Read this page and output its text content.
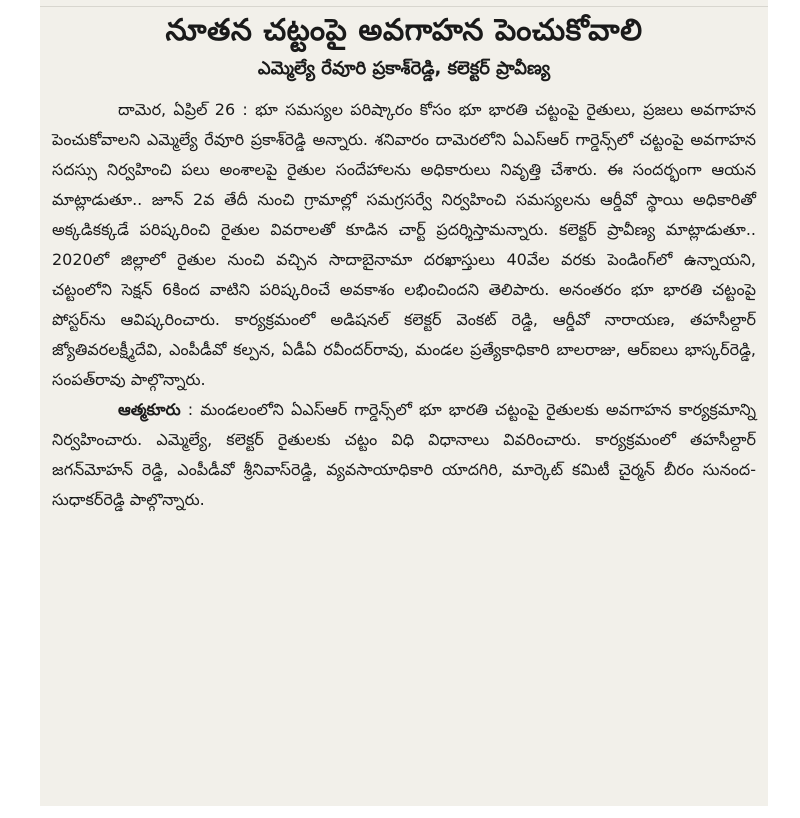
నూతన చట్టంపై అవగాహన పెంచుకోవాలి
ఎమ్మెల్యే రేవూరి ప్రకాశ్‌రెడ్డి, కలెక్టర్ ప్రావీణ్య

దామెర, ఏప్రిల్ 26 : భూ సమస్యల పరిష్కారం కోసం భూ భారతి చట్టంపై రైతులు, ప్రజలు అవగాహన పెంచుకోవాలని ఎమ్మెల్యే రేవూరి ప్రకాశ్‌రెడ్డి అన్నారు. శనివారం దామెరలోని ఏఎస్‌ఆర్ గార్డెన్స్‌లో చట్టంపై అవగాహన సదస్సు నిర్వహించి పలు అంశాలపై రైతుల సందేహాలను అధికారులు నివృత్తి చేశారు. ఈ సందర్భంగా ఆయన మాట్లాడుతూ.. జూన్ 2వ తేదీ నుంచి గ్రామాల్లో సమగ్రసర్వే నిర్వహించి సమస్యలను ఆర్డీవో స్థాయి అధికారితో అక్కడికక్కడే పరిష్కరించి రైతుల వివరాలతో కూడిన చార్ట్ ప్రదర్శిస్తామన్నారు. కలెక్టర్ ప్రావీణ్య మాట్లాడుతూ.. 2020లో జిల్లాలో రైతుల నుంచి వచ్చిన సాదాబైనామా దరఖాస్తులు 40వేల వరకు పెండింగ్‌లో ఉన్నాయని, చట్టంలోని సెక్షన్ 6కింద వాటిని పరిష్కరించే అవకాశం లభించిందని తెలిపారు. అనంతరం భూ భారతి చట్టంపై పోస్టర్‌ను ఆవిష్కరించారు. కార్యక్రమంలో అడిషనల్ కలెక్టర్ వెంకట్ రెడ్డి, ఆర్డీవో నారాయణ, తహసీల్దార్ జ్యోతివరలక్ష్మీదేవి, ఎంపీడీవో కల్పన, ఏడీఏ రవీందర్‌రావు, మండల ప్రత్యేకాధికారి బాలరాజు, ఆర్‌ఐలు భాస్కర్‌రెడ్డి, సంపత్‌రావు పాల్గొన్నారు.

ఆత్మకూరు : మండలంలోని ఏఎస్‌ఆర్ గార్డెన్స్‌లో భూ భారతి చట్టంపై రైతులకు అవగాహన కార్యక్రమాన్ని నిర్వహించారు. ఎమ్మెల్యే, కలెక్టర్ రైతులకు చట్టం విధి విధానాలు వివరించారు. కార్యక్రమంలో తహసీల్దార్ జగన్‌మోహన్ రెడ్డి, ఎంపీడీవో శ్రీనివాస్‌రెడ్డి, వ్యవసాయాధికారి యాదగిరి, మార్కెట్ కమిటీ చైర్మన్ బీరం సునంద-సుధాకర్‌రెడ్డి పాల్గొన్నారు.
